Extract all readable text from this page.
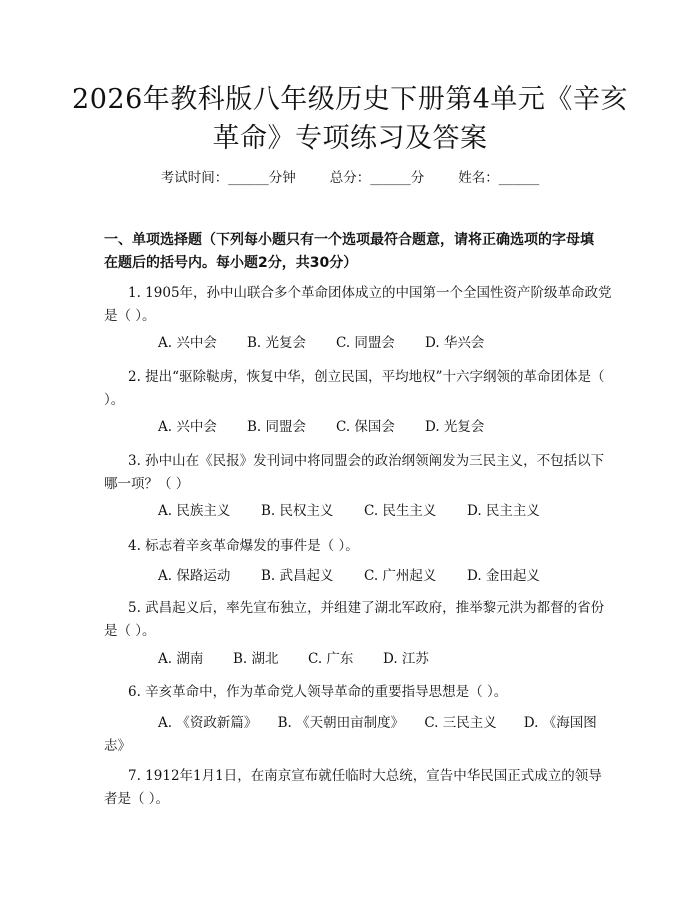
2026年教科版八年级历史下册第4单元《辛亥革命》专项练习及答案
考试时间：______分钟	总分：______分	姓名：______
一、单项选择题（下列每小题只有一个选项最符合题意，请将正确选项的字母填在题后的括号内。每小题2分，共30分）

1. 1905年，孙中山联合多个革命团体成立的中国第一个全国性资产阶级革命政党是（ ）。

A. 兴中会 B. 光复会 C. 同盟会 D. 华兴会

2. 提出“驱除鞑虏，恢复中华，创立民国，平均地权”十六字纲领的革命团体是（ ）。

A. 兴中会 B. 同盟会 C. 保国会 D. 光复会

3. 孙中山在《民报》发刊词中将同盟会的政治纲领阐发为三民主义，不包括以下哪一项？（ ）

A. 民族主义 B. 民权主义 C. 民生主义 D. 民主主义

4. 标志着辛亥革命爆发的事件是（ ）。

A. 保路运动 B. 武昌起义 C. 广州起义 D. 金田起义

5. 武昌起义后，率先宣布独立，并组建了湖北军政府，推举黎元洪为都督的省份是（ ）。

A. 湖南 B. 湖北 C. 广东 D. 江苏

6. 辛亥革命中，作为革命党人领导革命的重要指导思想是（ ）。

A. 《资政新篇》　　B. 《天朝田亩制度》　　C. 三民主义　　D. 《海国图志》

7. 1912年1月1日，在南京宣布就任临时大总统，宣告中华民国正式成立的领导者是（ ）。
